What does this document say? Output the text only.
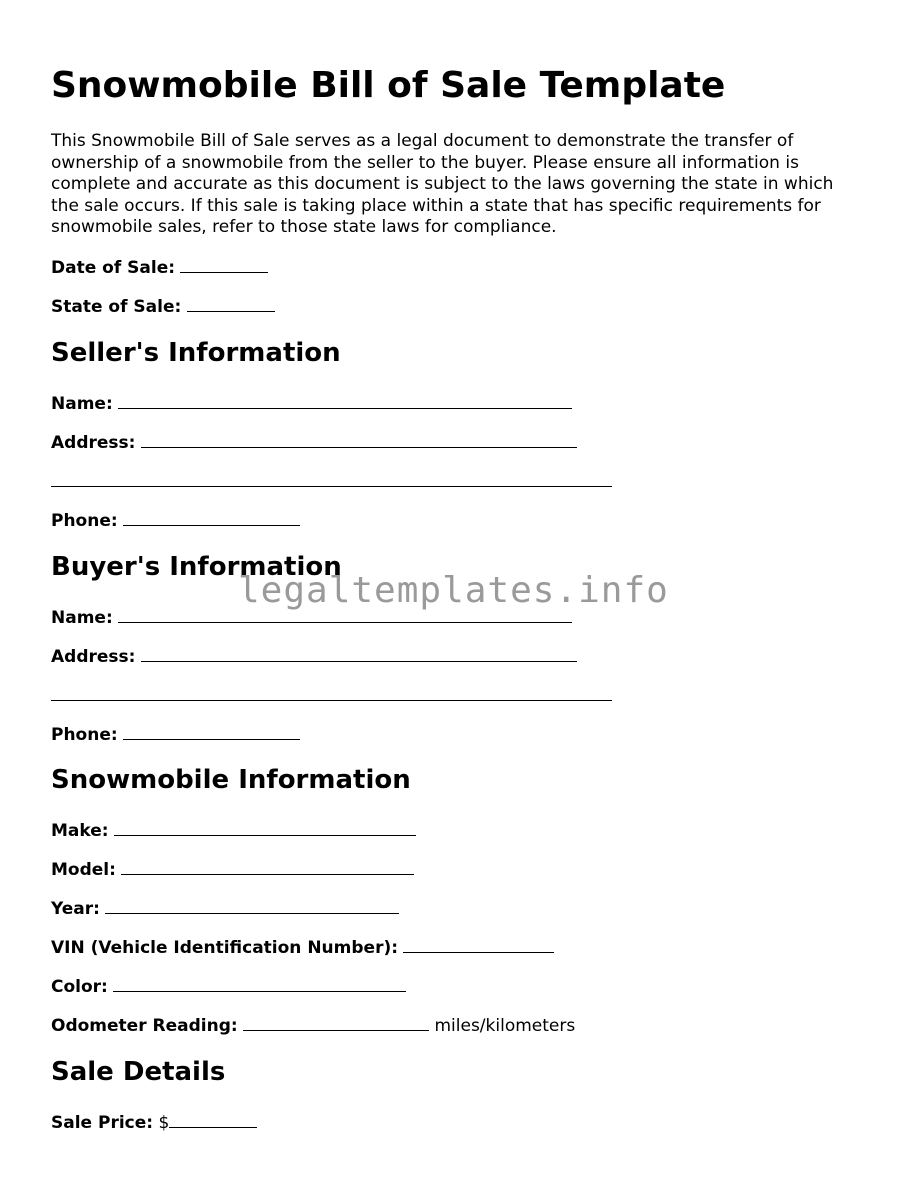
Snowmobile Bill of Sale Template

This Snowmobile Bill of Sale serves as a legal document to demonstrate the transfer of ownership of a snowmobile from the seller to the buyer. Please ensure all information is complete and accurate as this document is subject to the laws governing the state in which the sale occurs. If this sale is taking place within a state that has specific requirements for snowmobile sales, refer to those state laws for compliance.

Date of Sale:
State of Sale:
Seller's Information
Name:
Address:
Phone:
Buyer's Information
Name:
Address:
Phone:
Snowmobile Information
Make:
Model:
Year:
VIN (Vehicle Identification Number):
Color:
Odometer Reading:	miles/kilometers
Sale Details
Sale Price: $
legaltemplates.info
